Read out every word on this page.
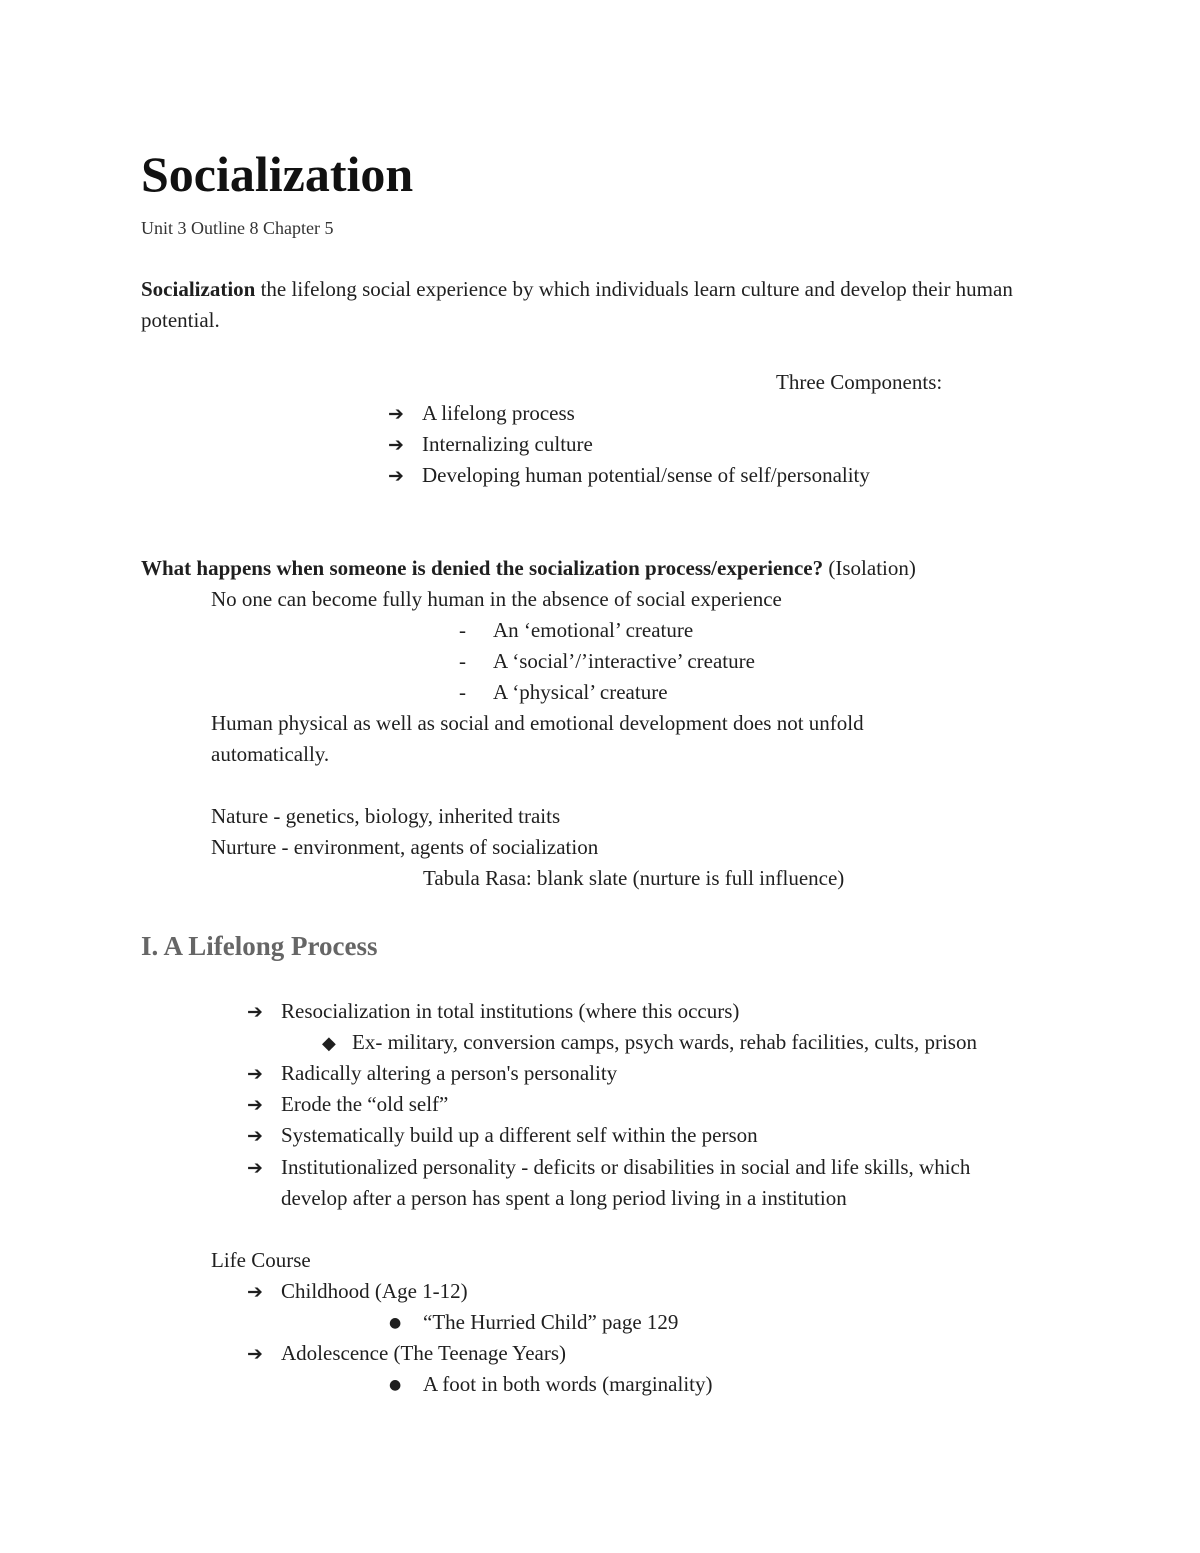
Socialization
Unit 3 Outline 8 Chapter 5
Socialization the lifelong social experience by which individuals learn culture and develop their human potential.
Three Components:
➔ A lifelong process
➔ Internalizing culture
➔ Developing human potential/sense of self/personality
What happens when someone is denied the socialization process/experience? (Isolation)
No one can become fully human in the absence of social experience
- An ‘emotional’ creature
- A ‘social’/’interactive’ creature
- A ‘physical’ creature
Human physical as well as social and emotional development does not unfold
automatically.
Nature - genetics, biology, inherited traits
Nurture - environment, agents of socialization
Tabula Rasa: blank slate (nurture is full influence)
I. A Lifelong Process
➔ Resocialization in total institutions (where this occurs)
◆ Ex- military, conversion camps, psych wards, rehab facilities, cults, prison
➔ Radically altering a person's personality
➔ Erode the “old self”
➔ Systematically build up a different self within the person
➔ Institutionalized personality - deficits or disabilities in social and life skills, which
develop after a person has spent a long period living in a institution
Life Course
➔ Childhood (Age 1-12)
● “The Hurried Child” page 129
➔ Adolescence (The Teenage Years)
● A foot in both words (marginality)
